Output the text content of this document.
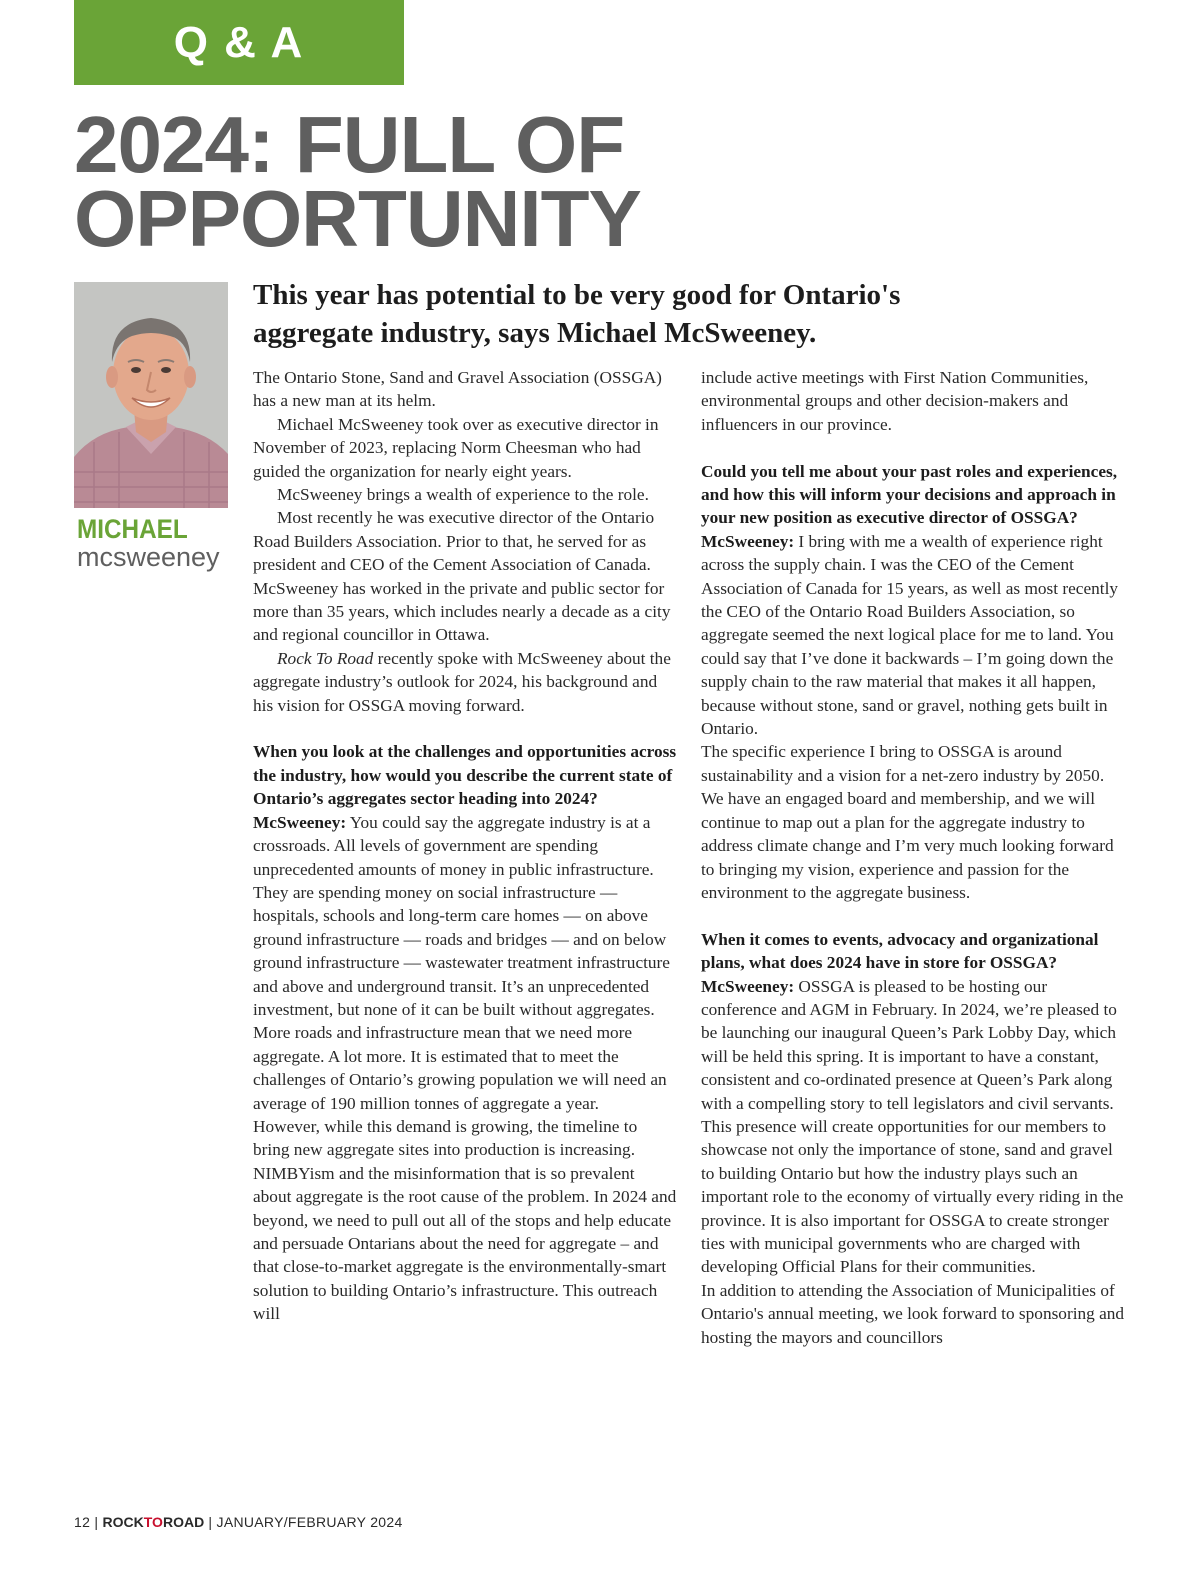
Q & A
2024: FULL OF
OPPORTUNITY
MICHAEL
mcsweeney
This year has potential to be very good for Ontario's
aggregate industry, says Michael McSweeney.

The Ontario Stone, Sand and Gravel Association (OSSGA) has a new man at its helm.

Michael McSweeney took over as executive director in November of 2023, replacing Norm Cheesman who had guided the organization for nearly eight years.

McSweeney brings a wealth of experience to the role.

Most recently he was executive director of the Ontario Road Builders Association. Prior to that, he served for as president and CEO of the Cement Association of Canada. McSweeney has worked in the private and public sector for more than 35 years, which includes nearly a decade as a city and regional councillor in Ottawa.

Rock To Road recently spoke with McSweeney about the aggregate industry’s outlook for 2024, his background and his vision for OSSGA moving forward.

When you look at the challenges and opportunities across the industry, how would you describe the current state of Ontario’s aggregates sector heading into 2024?

McSweeney: You could say the aggregate industry is at a crossroads. All levels of government are spending unprecedented amounts of money in public infrastructure. They are spending money on social infrastructure — hospitals, schools and long-term care homes — on above ground infrastructure — roads and bridges — and on below ground infrastructure — wastewater treatment infrastructure and above and underground transit. It’s an unprecedented investment, but none of it can be built without aggregates. More roads and infrastructure mean that we need more aggregate. A lot more. It is estimated that to meet the challenges of Ontario’s growing population we will need an average of 190 million tonnes of aggregate a year.

However, while this demand is growing, the timeline to bring new aggregate sites into production is increasing. NIMBYism and the misinformation that is so prevalent about aggregate is the root cause of the problem. In 2024 and beyond, we need to pull out all of the stops and help educate and persuade Ontarians about the need for aggregate – and that close-to-market aggregate is the environmentally-smart solution to building Ontario’s infrastructure. This outreach will

include active meetings with First Nation Communities, environmental groups and other decision-makers and influencers in our province.

Could you tell me about your past roles and experiences, and how this will inform your decisions and approach in your new position as executive director of OSSGA?

McSweeney: I bring with me a wealth of experience right across the supply chain. I was the CEO of the Cement Association of Canada for 15 years, as well as most recently the CEO of the Ontario Road Builders Association, so aggregate seemed the next logical place for me to land. You could say that I’ve done it backwards – I’m going down the supply chain to the raw material that makes it all happen, because without stone, sand or gravel, nothing gets built in Ontario.

The specific experience I bring to OSSGA is around sustainability and a vision for a net-zero industry by 2050. We have an engaged board and membership, and we will continue to map out a plan for the aggregate industry to address climate change and I’m very much looking forward to bringing my vision, experience and passion for the environment to the aggregate business.

When it comes to events, advocacy and organizational plans, what does 2024 have in store for OSSGA?

McSweeney: OSSGA is pleased to be hosting our conference and AGM in February. In 2024, we’re pleased to be launching our inaugural Queen’s Park Lobby Day, which will be held this spring. It is important to have a constant, consistent and co-ordinated presence at Queen’s Park along with a compelling story to tell legislators and civil servants. This presence will create opportunities for our members to showcase not only the importance of stone, sand and gravel to building Ontario but how the industry plays such an important role to the economy of virtually every riding in the province. It is also important for OSSGA to create stronger ties with municipal governments who are charged with developing Official Plans for their communities.

In addition to attending the Association of Municipalities of Ontario's annual meeting, we look forward to sponsoring and hosting the mayors and councillors

12 | ROCKTOROAD | JANUARY/FEBRUARY 2024
